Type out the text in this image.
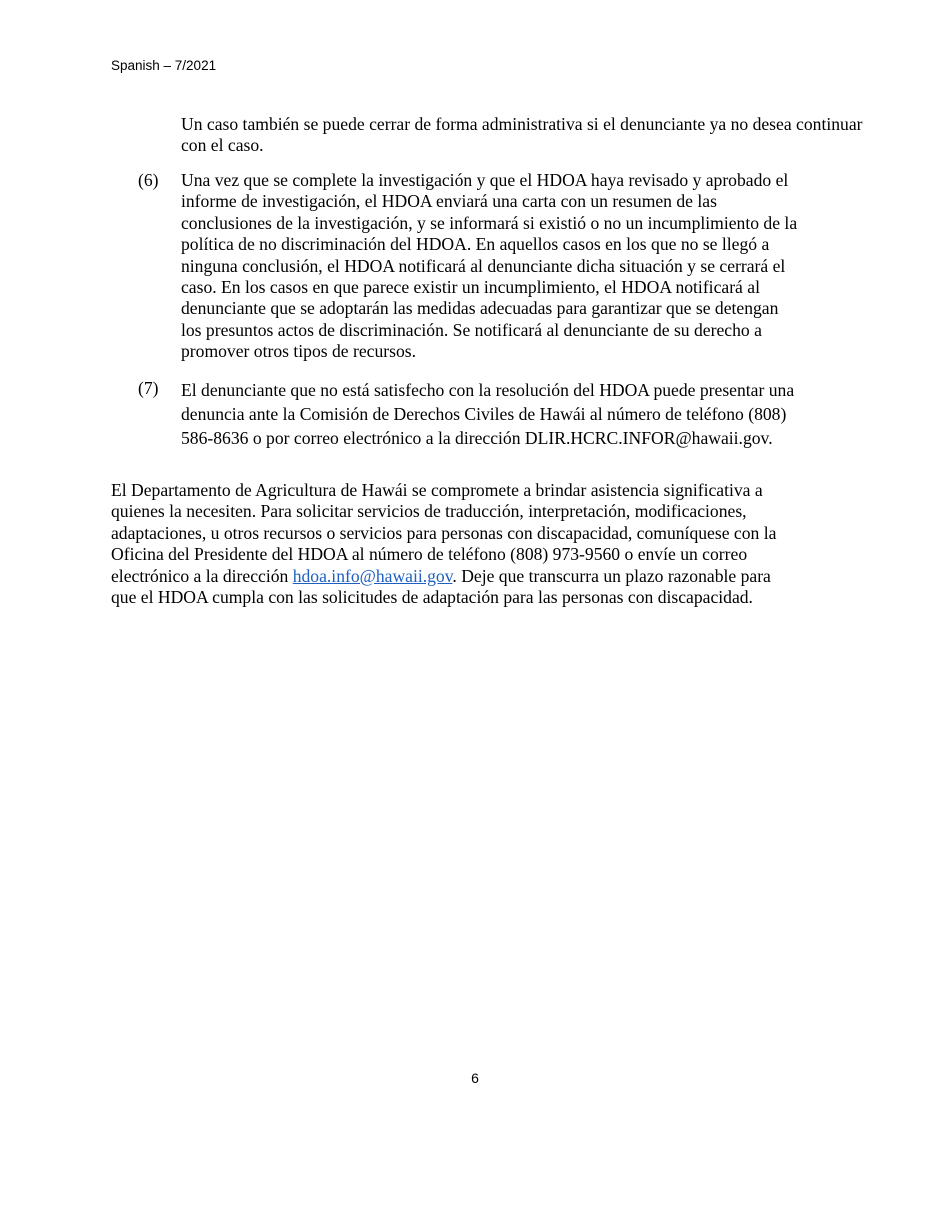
Spanish – 7/2021

Un caso también se puede cerrar de forma administrativa si el denunciante ya no desea continuar
con el caso.

(6) Una vez que se complete la investigación y que el HDOA haya revisado y aprobado el
informe de investigación, el HDOA enviará una carta con un resumen de las
conclusiones de la investigación, y se informará si existió o no un incumplimiento de la
política de no discriminación del HDOA. En aquellos casos en los que no se llegó a
ninguna conclusión, el HDOA notificará al denunciante dicha situación y se cerrará el
caso. En los casos en que parece existir un incumplimiento, el HDOA notificará al
denunciante que se adoptarán las medidas adecuadas para garantizar que se detengan
los presuntos actos de discriminación. Se notificará al denunciante de su derecho a
promover otros tipos de recursos.

(7) El denunciante que no está satisfecho con la resolución del HDOA puede presentar una
denuncia ante la Comisión de Derechos Civiles de Hawái al número de teléfono (808)
586-8636 o por correo electrónico a la dirección DLIR.HCRC.INFOR@hawaii.gov.

El Departamento de Agricultura de Hawái se compromete a brindar asistencia significativa a
quienes la necesiten. Para solicitar servicios de traducción, interpretación, modificaciones,
adaptaciones, u otros recursos o servicios para personas con discapacidad, comuníquese con la
Oficina del Presidente del HDOA al número de teléfono (808) 973-9560 o envíe un correo
electrónico a la dirección hdoa.info@hawaii.gov. Deje que transcurra un plazo razonable para
que el HDOA cumpla con las solicitudes de adaptación para las personas con discapacidad.

6
